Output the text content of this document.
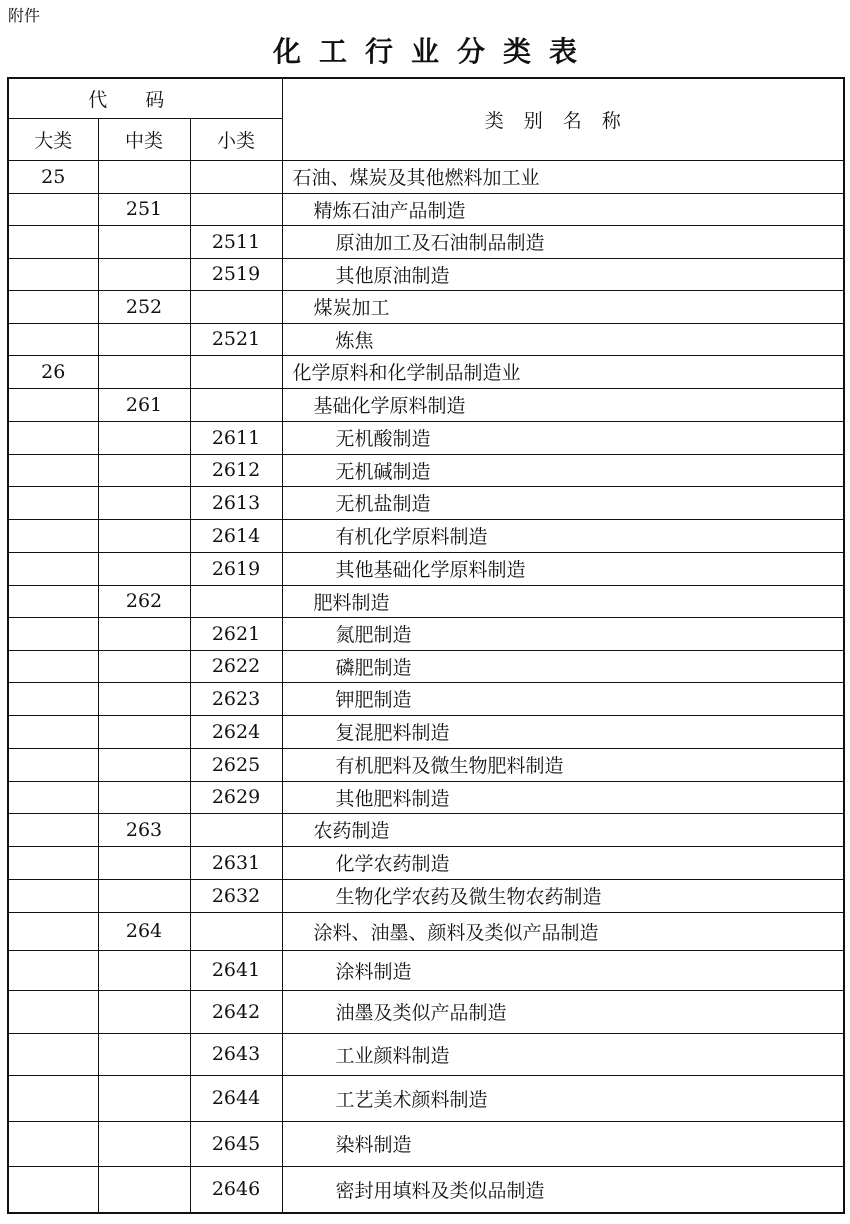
附件
化工行业分类表
代码			类别名称
大类	中类	小类	
25			石油、煤炭及其他燃料加工业
	251		精炼石油产品制造
		2511	原油加工及石油制品制造
		2519	其他原油制造
	252		煤炭加工
		2521	炼焦
26			化学原料和化学制品制造业
	261		基础化学原料制造
		2611	无机酸制造
		2612	无机碱制造
		2613	无机盐制造
		2614	有机化学原料制造
		2619	其他基础化学原料制造
	262		肥料制造
		2621	氮肥制造
		2622	磷肥制造
		2623	钾肥制造
		2624	复混肥料制造
		2625	有机肥料及微生物肥料制造
		2629	其他肥料制造
	263		农药制造
		2631	化学农药制造
		2632	生物化学农药及微生物农药制造
	264		涂料、油墨、颜料及类似产品制造
		2641	涂料制造
		2642	油墨及类似产品制造
		2643	工业颜料制造
		2644	工艺美术颜料制造
		2645	染料制造
		2646	密封用填料及类似品制造
